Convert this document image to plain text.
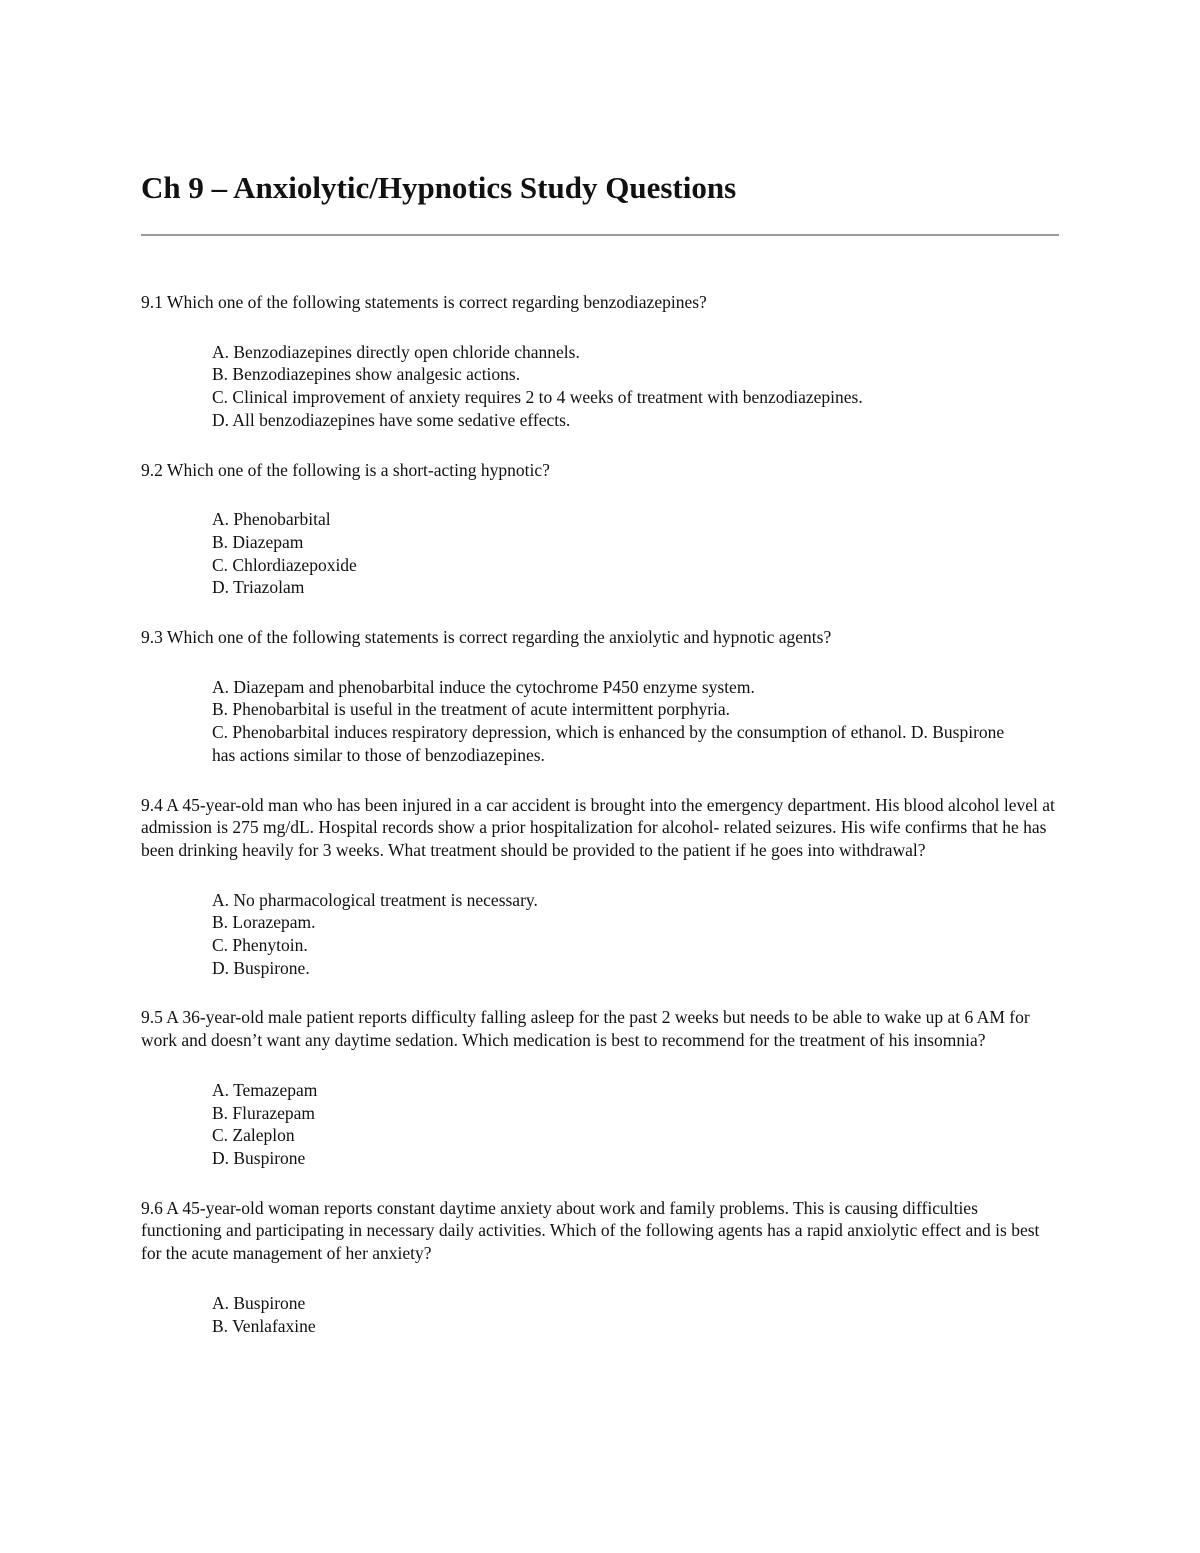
Ch 9 – Anxiolytic/Hypnotics Study Questions

9.1 Which one of the following statements is correct regarding benzodiazepines?

A. Benzodiazepines directly open chloride channels.
B. Benzodiazepines show analgesic actions.
C. Clinical improvement of anxiety requires 2 to 4 weeks of treatment with benzodiazepines.
D. All benzodiazepines have some sedative effects.

9.2 Which one of the following is a short-acting hypnotic?

A. Phenobarbital
B. Diazepam
C. Chlordiazepoxide
D. Triazolam

9.3 Which one of the following statements is correct regarding the anxiolytic and hypnotic agents?

A. Diazepam and phenobarbital induce the cytochrome P450 enzyme system.
B. Phenobarbital is useful in the treatment of acute intermittent porphyria.
C. Phenobarbital induces respiratory depression, which is enhanced by the consumption of ethanol. D. Buspirone has actions similar to those of benzodiazepines.

9.4 A 45-year-old man who has been injured in a car accident is brought into the emergency department. His blood alcohol level at admission is 275 mg/dL. Hospital records show a prior hospitalization for alcohol- related seizures. His wife confirms that he has been drinking heavily for 3 weeks. What treatment should be provided to the patient if he goes into withdrawal?

A. No pharmacological treatment is necessary.
B. Lorazepam.
C. Phenytoin.
D. Buspirone.

9.5 A 36-year-old male patient reports difficulty falling asleep for the past 2 weeks but needs to be able to wake up at 6 AM for work and doesn’t want any daytime sedation. Which medication is best to recommend for the treatment of his insomnia?

A. Temazepam
B. Flurazepam
C. Zaleplon
D. Buspirone

9.6 A 45-year-old woman reports constant daytime anxiety about work and family problems. This is causing difficulties functioning and participating in necessary daily activities. Which of the following agents has a rapid anxiolytic effect and is best for the acute management of her anxiety?

A. Buspirone
B. Venlafaxine
